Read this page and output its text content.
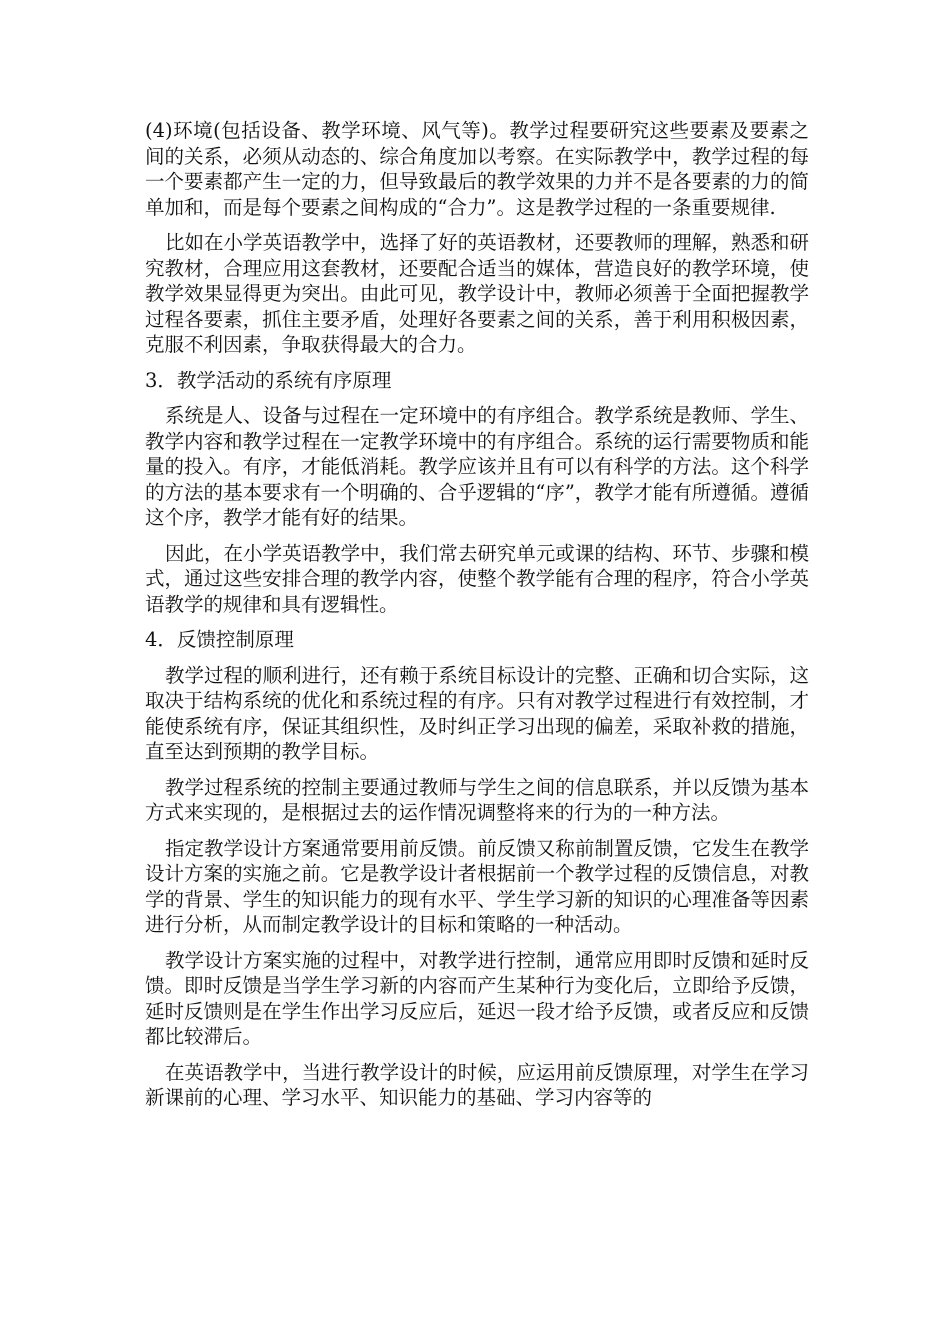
(4)环境(包括设备、教学环境、风气等)。教学过程要研究这些要素及要素之间的关系，必须从动态的、综合角度加以考察。在实际教学中，教学过程的每一个要素都产生一定的力，但导致最后的教学效果的力并不是各要素的力的简单加和，而是每个要素之间构成的“合力”。这是教学过程的一条重要规律.

比如在小学英语教学中，选择了好的英语教材，还要教师的理解，熟悉和研究教材，合理应用这套教材，还要配合适当的媒体，营造良好的教学环境，使教学效果显得更为突出。由此可见，教学设计中，教师必须善于全面把握教学过程各要素，抓住主要矛盾，处理好各要素之间的关系，善于利用积极因素，克服不利因素，争取获得最大的合力。

3．教学活动的系统有序原理

系统是人、设备与过程在一定环境中的有序组合。教学系统是教师、学生、教学内容和教学过程在一定教学环境中的有序组合。系统的运行需要物质和能量的投入。有序，才能低消耗。教学应该并且有可以有科学的方法。这个科学的方法的基本要求有一个明确的、合乎逻辑的“序”，教学才能有所遵循。遵循这个序，教学才能有好的结果。

因此，在小学英语教学中，我们常去研究单元或课的结构、环节、步骤和模式，通过这些安排合理的教学内容，使整个教学能有合理的程序，符合小学英语教学的规律和具有逻辑性。

4．反馈控制原理

教学过程的顺利进行，还有赖于系统目标设计的完整、正确和切合实际，这取决于结构系统的优化和系统过程的有序。只有对教学过程进行有效控制，才能使系统有序，保证其组织性，及时纠正学习出现的偏差，采取补救的措施，直至达到预期的教学目标。

教学过程系统的控制主要通过教师与学生之间的信息联系，并以反馈为基本方式来实现的，是根据过去的运作情况调整将来的行为的一种方法。

指定教学设计方案通常要用前反馈。前反馈又称前制置反馈，它发生在教学设计方案的实施之前。它是教学设计者根据前一个教学过程的反馈信息，对教学的背景、学生的知识能力的现有水平、学生学习新的知识的心理准备等因素进行分析，从而制定教学设计的目标和策略的一种活动。

教学设计方案实施的过程中，对教学进行控制，通常应用即时反馈和延时反馈。即时反馈是当学生学习新的内容而产生某种行为变化后，立即给予反馈，延时反馈则是在学生作出学习反应后，延迟一段才给予反馈，或者反应和反馈都比较滞后。

在英语教学中，当进行教学设计的时候，应运用前反馈原理，对学生在学习新课前的心理、学习水平、知识能力的基础、学习内容等的
